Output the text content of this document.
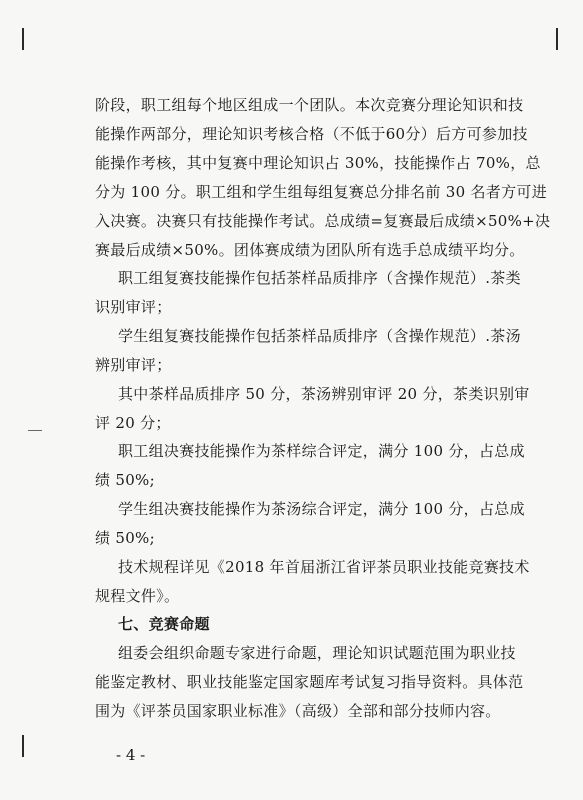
阶段，职工组每个地区组成一个团队。本次竞赛分理论知识和技
能操作两部分，理论知识考核合格（不低于60分）后方可参加技
能操作考核，其中复赛中理论知识占 30%，技能操作占 70%，总
分为 100 分。职工组和学生组每组复赛总分排名前 30 名者方可进
入决赛。决赛只有技能操作考试。总成绩=复赛最后成绩×50%+决
赛最后成绩×50%。团体赛成绩为团队所有选手总成绩平均分。
职工组复赛技能操作包括茶样品质排序（含操作规范）.茶类
识别审评；
学生组复赛技能操作包括茶样品质排序（含操作规范）.茶汤
辨别审评；
其中茶样品质排序 50 分，茶汤辨别审评 20 分，茶类识别审
评 20 分；
职工组决赛技能操作为茶样综合评定，满分 100 分，占总成
绩 50%;
学生组决赛技能操作为茶汤综合评定，满分 100 分，占总成
绩 50%;
技术规程详见《2018 年首届浙江省评茶员职业技能竞赛技术
规程文件》。
七、竞赛命题
组委会组织命题专家进行命题，理论知识试题范围为职业技
能鉴定教材、职业技能鉴定国家题库考试复习指导资料。具体范
围为《评茶员国家职业标准》（高级）全部和部分技师内容。
- 4 -
